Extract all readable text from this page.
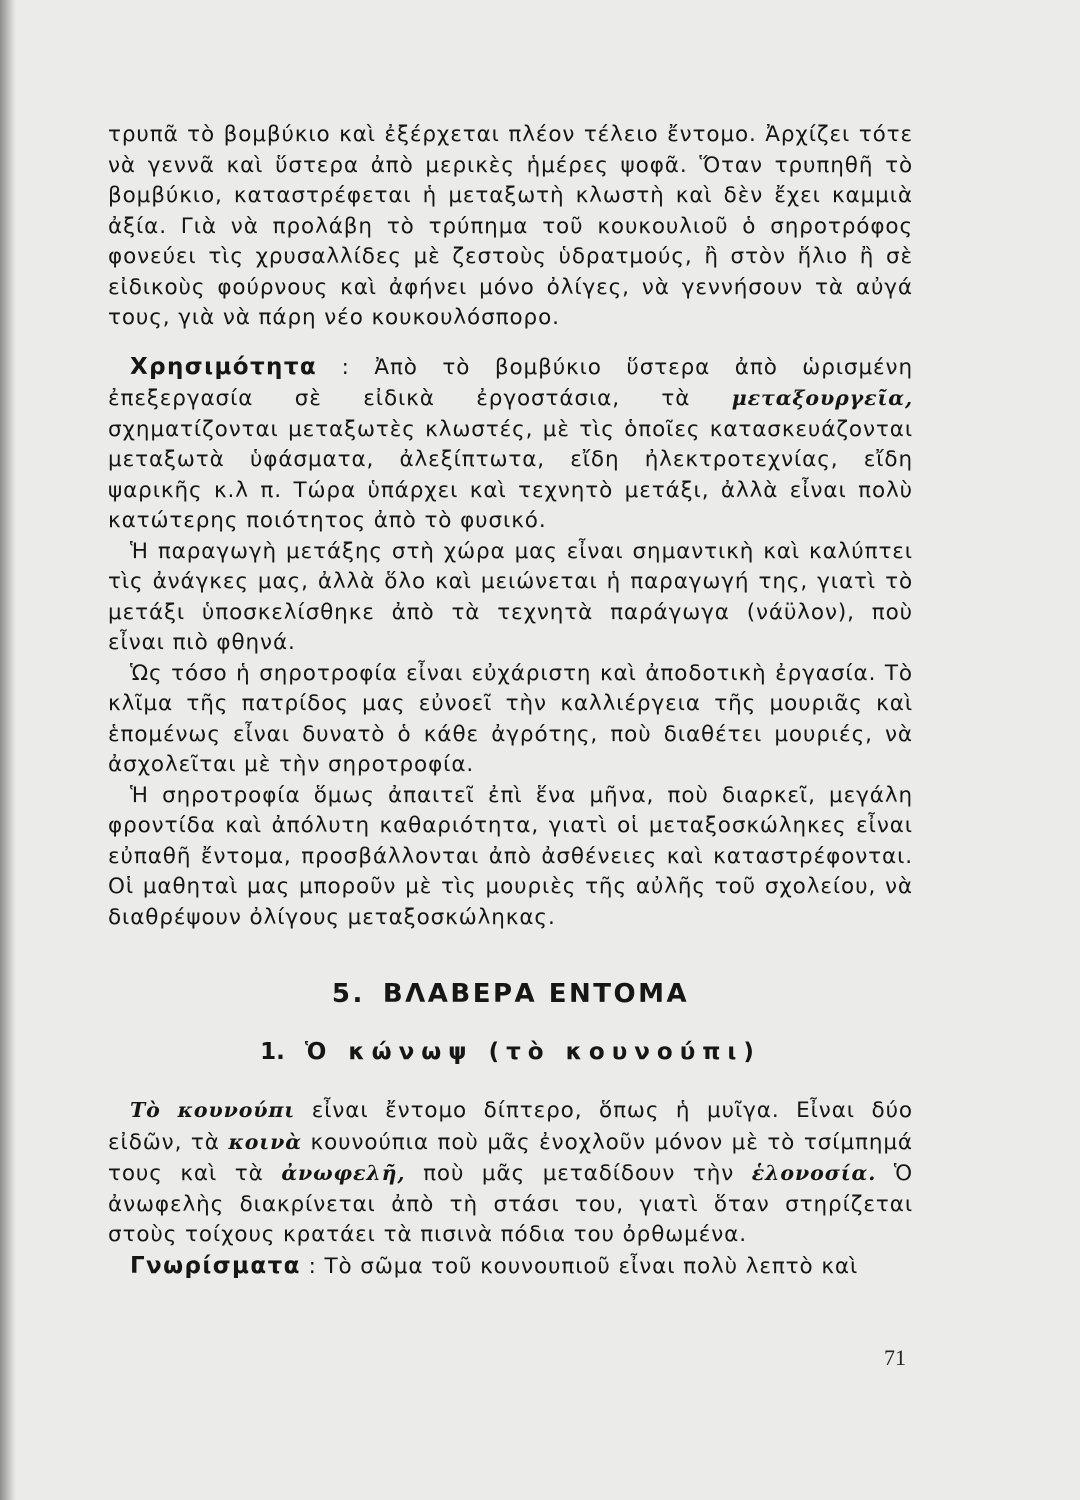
τρυπᾶ τὸ βομβύκιο καὶ ἐξέρχεται πλέον τέλειο ἔντομο. Ἀρχίζει τότε νὰ γεννᾶ καὶ ὕστερα ἀπὸ μερικὲς ἡμέρες ψοφᾶ. Ὅταν τρυπηθῆ τὸ βομβύκιο, καταστρέφεται ἡ μεταξωτὴ κλωστὴ καὶ δὲν ἔχει καμμιὰ ἀξία. Γιὰ νὰ προλάβη τὸ τρύπημα τοῦ κουκουλιοῦ ὁ σηροτρόφος φονεύει τὶς χρυσαλλίδες μὲ ζεστοὺς ὑδρατμούς, ἢ στὸν ἥλιο ἢ σὲ εἰδικοὺς φούρνους καὶ ἀφήνει μόνο ὀλίγες, νὰ γεννήσουν τὰ αὐγά τους, γιὰ νὰ πάρη νέο κουκουλόσπορο.

Χρησιμότητα : Ἀπὸ τὸ βομβύκιο ὕστερα ἀπὸ ὡρισμένη ἐπεξεργασία σὲ εἰδικὰ ἐργοστάσια, τὰ μεταξουργεῖα, σχηματίζονται μεταξωτὲς κλωστές, μὲ τὶς ὁποῖες κατασκευάζονται μεταξωτὰ ὑφάσματα, ἀλεξίπτωτα, εἴδη ἠλεκτροτεχνίας, εἴδη ψαρικῆς κ.λ π. Τώρα ὑπάρχει καὶ τεχνητὸ μετάξι, ἀλλὰ εἶναι πολὺ κατώτερης ποιότητος ἀπὸ τὸ φυσικό.

Ἡ παραγωγὴ μετάξης στὴ χώρα μας εἶναι σημαντικὴ καὶ καλύπτει τὶς ἀνάγκες μας, ἀλλὰ ὅλο καὶ μειώνεται ἡ παραγωγή της, γιατὶ τὸ μετάξι ὑποσκελίσθηκε ἀπὸ τὰ τεχνητὰ παράγωγα (νάϋλον), ποὺ εἶναι πιὸ φθηνά.

Ὡς τόσο ἡ σηροτροφία εἶναι εὐχάριστη καὶ ἀποδοτικὴ ἐργασία. Τὸ κλῖμα τῆς πατρίδος μας εὐνοεῖ τὴν καλλιέργεια τῆς μουριᾶς καὶ ἑπομένως εἶναι δυνατὸ ὁ κάθε ἀγρότης, ποὺ διαθέτει μουριές, νὰ ἀσχολεῖται μὲ τὴν σηροτροφία.

Ἡ σηροτροφία ὅμως ἀπαιτεῖ ἐπὶ ἕνα μῆνα, ποὺ διαρκεῖ, μεγάλη φροντίδα καὶ ἀπόλυτη καθαριότητα, γιατὶ οἱ μεταξοσκώληκες εἶναι εὐπαθῆ ἔντομα, προσβάλλονται ἀπὸ ἀσθένειες καὶ καταστρέφονται. Οἱ μαθηταὶ μας μποροῦν μὲ τὶς μουριὲς τῆς αὐλῆς τοῦ σχολείου, νὰ διαθρέψουν ὀλίγους μεταξοσκώληκας.

5. ΒΛΑΒΕΡΑ ΕΝΤΟΜΑ
1. Ὁ κώνωψ (τὸ κουνούπι)

Τὸ κουνούπι εἶναι ἔντομο δίπτερο, ὅπως ἡ μυῖγα. Εἶναι δύο εἰδῶν, τὰ κοινὰ κουνούπια ποὺ μᾶς ἐνοχλοῦν μόνον μὲ τὸ τσίμπημά τους καὶ τὰ ἀνωφελῆ, ποὺ μᾶς μεταδίδουν τὴν ἑλονοσία. Ὁ ἀνωφελὴς διακρίνεται ἀπὸ τὴ στάσι του, γιατὶ ὅταν στηρίζεται στοὺς τοίχους κρατάει τὰ πισινὰ πόδια του ὀρθωμένα.

Γνωρίσματα : Τὸ σῶμα τοῦ κουνουπιοῦ εἶναι πολὺ λεπτὸ καὶ

71
